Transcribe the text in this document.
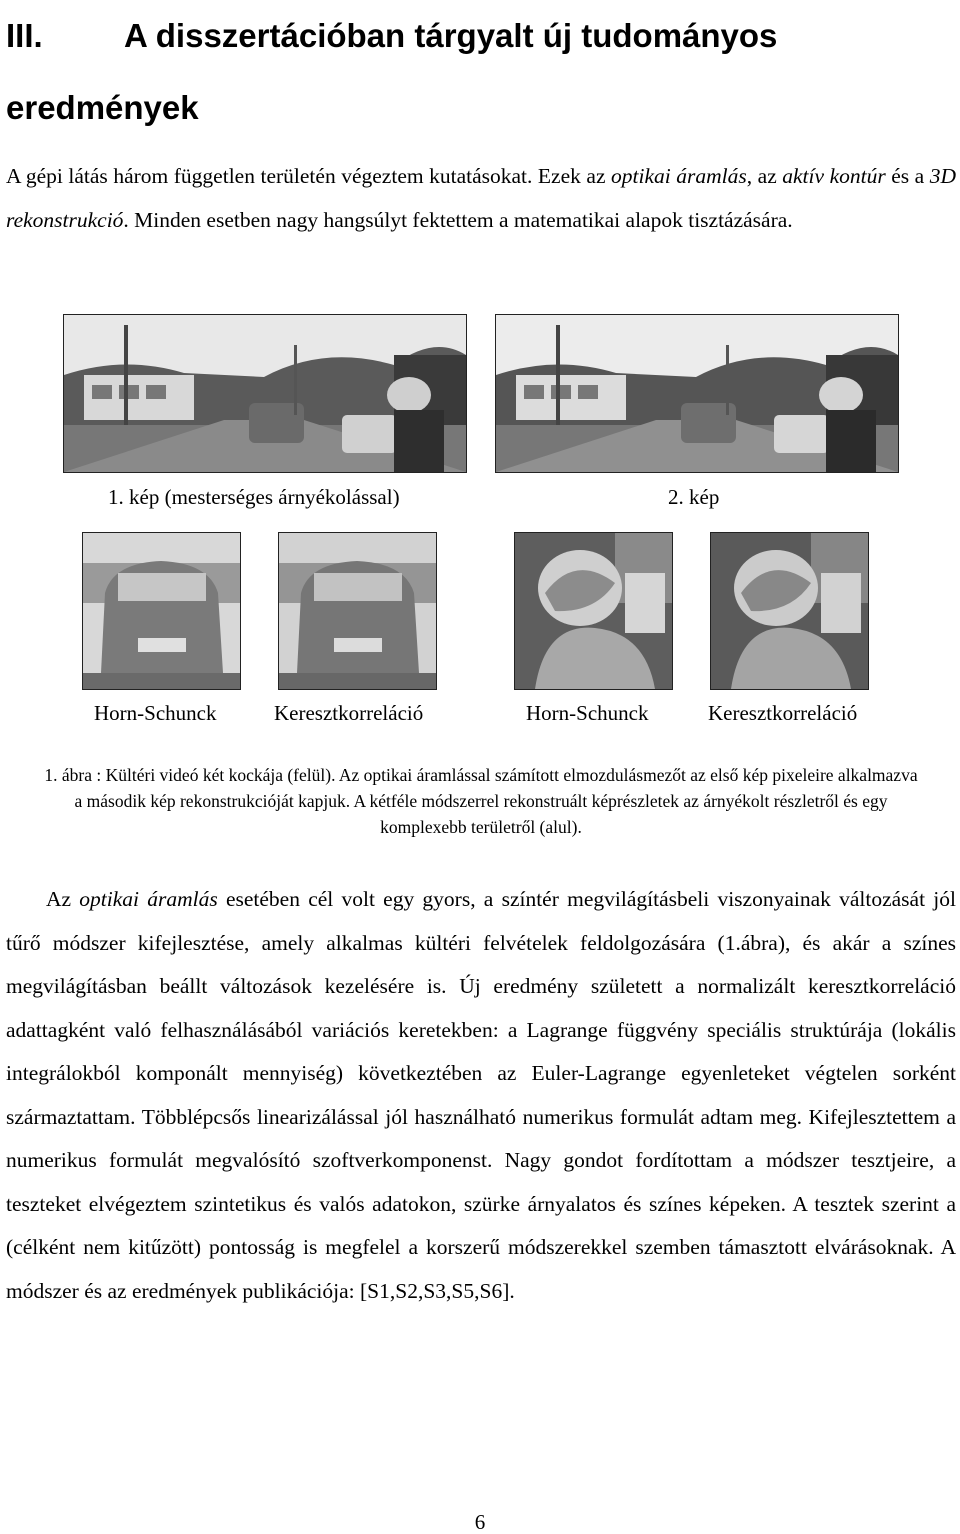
III. A disszertációban tárgyalt új tudományos eredmények
A gépi látás három független területén végeztem kutatásokat. Ezek az optikai áramlás, az aktív kontúr és a 3D rekonstrukció. Minden esetben nagy hangsúlyt fektettem a matematikai alapok tisztázására.
1. kép (mesterséges árnyékolással)	2. kép
Horn-Schunck	Keresztkorreláció	Horn-Schunck	Keresztkorreláció
1. ábra : Kültéri videó két kockája (felül). Az optikai áramlással számított elmozdulásmezőt az első kép pixeleire alkalmazva a második kép rekonstrukcióját kapjuk. A kétféle módszerrel rekonstruált képrészletek az árnyékolt részletről és egy komplexebb területről (alul).
Az optikai áramlás esetében cél volt egy gyors, a színtér megvilágításbeli viszonyainak változását jól tűrő módszer kifejlesztése, amely alkalmas kültéri felvételek feldolgozására (1.ábra), és akár a színes megvilágításban beállt változások kezelésére is. Új eredmény született a normalizált keresztkorreláció adattagként való felhasználásából variációs keretekben: a Lagrange függvény speciális struktúrája (lokális integrálokból komponált mennyiség) következtében az Euler-Lagrange egyenleteket végtelen sorként származtattam. Többlépcsős linearizálással jól használható numerikus formulát adtam meg. Kifejlesztettem a numerikus formulát megvalósító szoftverkomponenst. Nagy gondot fordítottam a módszer tesztjeire, a teszteket elvégeztem szintetikus és valós adatokon, szürke árnyalatos és színes képeken. A tesztek szerint a (célként nem kitűzött) pontosság is megfelel a korszerű módszerekkel szemben támasztott elvárásoknak. A módszer és az eredmények publikációja: [S1,S2,S3,S5,S6].
6
